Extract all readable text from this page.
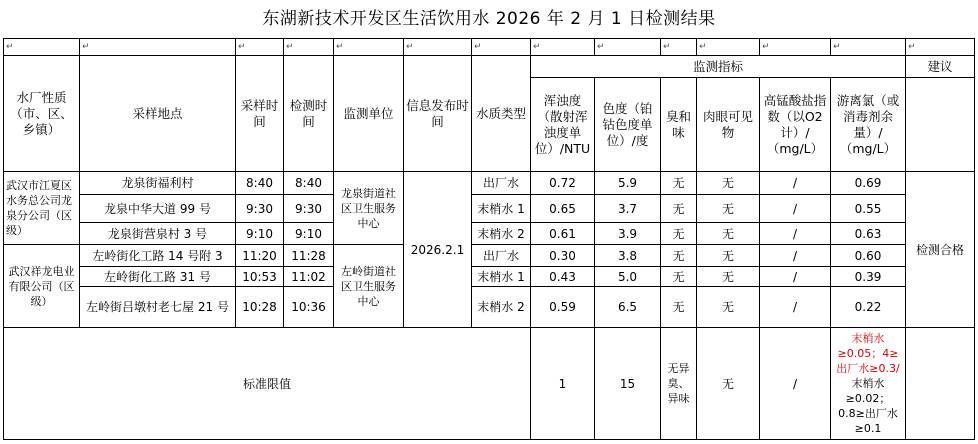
东湖新技术开发区生活饮用水 2026 年 2 月 1 日检测结果
↵	↵	↵	↵	↵	↵	↵	↵	↵	↵	↵	↵	↵	↵
水厂性质（市、区、乡镇）	采样地点	采样时间	检测时间	监测单位	信息发布时间	水质类型	监测指标						建议
							浑浊度（散射浑浊度单位）/NTU	色度（铂钴色度单位）/度	臭和味	肉眼可见物	高锰酸盐指数（以O2计）/（mg/L）	游离氯（或消毒剂余量）/（mg/L）	
武汉市江夏区水务总公司龙泉分公司（区级）	龙泉街福利村	8:40	8:40	龙泉街道社区卫生服务中心	2026.2.1	出厂水	0.72	5.9	无	无	/	0.69	检测合格
	龙泉中华大道 99 号	9:30	9:30			末梢水 1	0.65	3.7	无	无	/	0.55	
	龙泉街营泉村 3 号	9:10	9:10			末梢水 2	0.61	3.9	无	无	/	0.63	
武汉祥龙电业有限公司（区级）	左岭街化工路 14 号附 3	11:20	11:28	左岭街道社区卫生服务中心		出厂水	0.30	3.8	无	无	/	0.60	
	左岭街化工路 31 号	10:53	11:02			末梢水 1	0.43	5.0	无	无	/	0.39	
	左岭街吕墩村老七屋 21 号	10:28	10:36			末梢水 2	0.59	6.5	无	无	/	0.22	
标准限值							1	15	无异臭、异味	无	/	末梢水≥0.05；4≥出厂水≥0.3/
末梢水≥0.02；0.8≥出厂水≥0.1	
